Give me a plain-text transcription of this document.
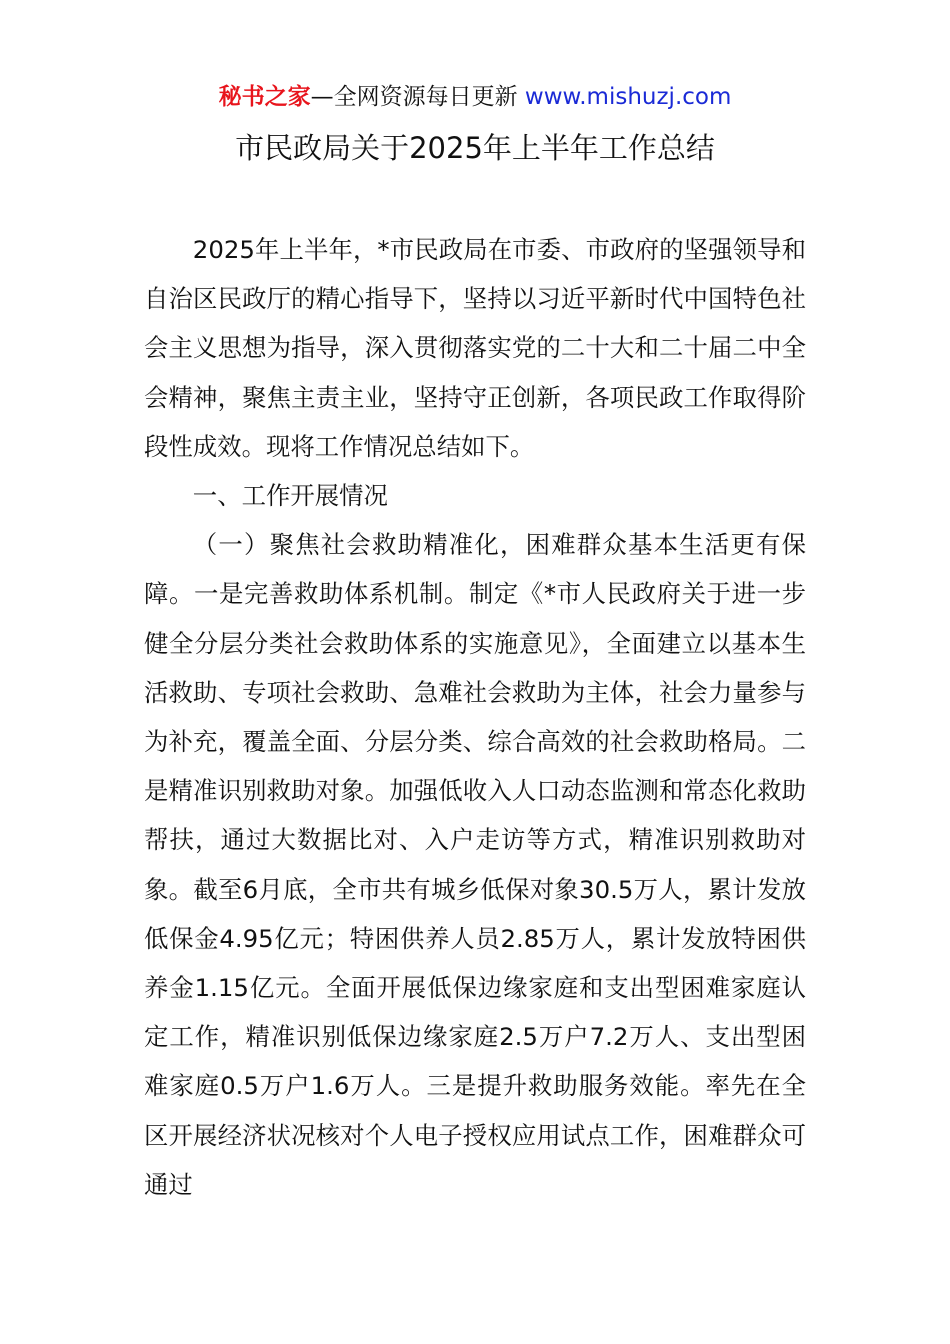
秘书之家—全网资源每日更新 www.mishuzj.com
市民政局关于2025年上半年工作总结

2025年上半年，*市民政局在市委、市政府的坚强领导和自治区民政厅的精心指导下，坚持以习近平新时代中国特色社会主义思想为指导，深入贯彻落实党的二十大和二十届二中全会精神，聚焦主责主业，坚持守正创新，各项民政工作取得阶段性成效。现将工作情况总结如下。

一、工作开展情况

（一）聚焦社会救助精准化，困难群众基本生活更有保障。一是完善救助体系机制。制定《*市人民政府关于进一步健全分层分类社会救助体系的实施意见》，全面建立以基本生活救助、专项社会救助、急难社会救助为主体，社会力量参与为补充，覆盖全面、分层分类、综合高效的社会救助格局。二是精准识别救助对象。加强低收入人口动态监测和常态化救助帮扶，通过大数据比对、入户走访等方式，精准识别救助对象。截至6月底，全市共有城乡低保对象30.5万人，累计发放低保金4.95亿元；特困供养人员2.85万人，累计发放特困供养金1.15亿元。全面开展低保边缘家庭和支出型困难家庭认定工作，精准识别低保边缘家庭2.5万户7.2万人、支出型困难家庭0.5万户1.6万人。三是提升救助服务效能。率先在全区开展经济状况核对个人电子授权应用试点工作，困难群众可通过
